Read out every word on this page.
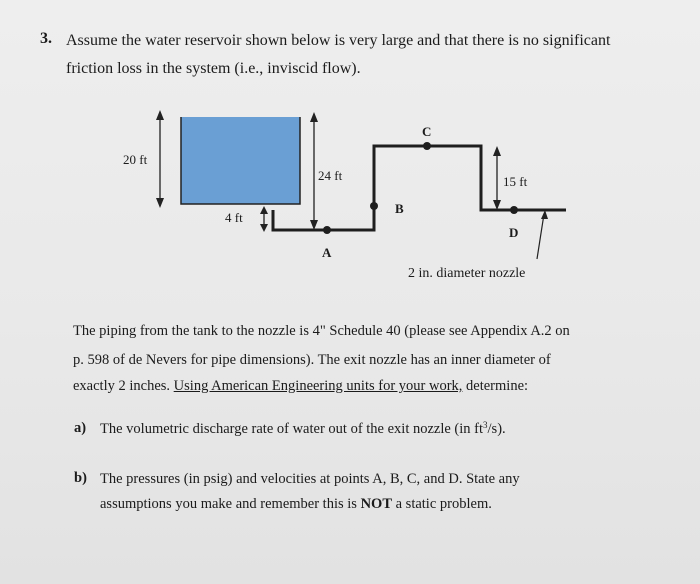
3. Assume the water reservoir shown below is very large and that there is no significant
friction loss in the system (i.e., inviscid flow).
20 ft
24 ft
4 ft
A
B
C
D
15 ft
2 in. diameter nozzle
The piping from the tank to the nozzle is 4" Schedule 40 (please see Appendix A.2 on
p. 598 of de Nevers for pipe dimensions). The exit nozzle has an inner diameter of
exactly 2 inches. Using American Engineering units for your work, determine:
a) The volumetric discharge rate of water out of the exit nozzle (in $ft^3/s$).
b) The pressures (in psig) and velocities at points A, B, C, and D. State any
assumptions you make and remember this is NOT a static problem.
